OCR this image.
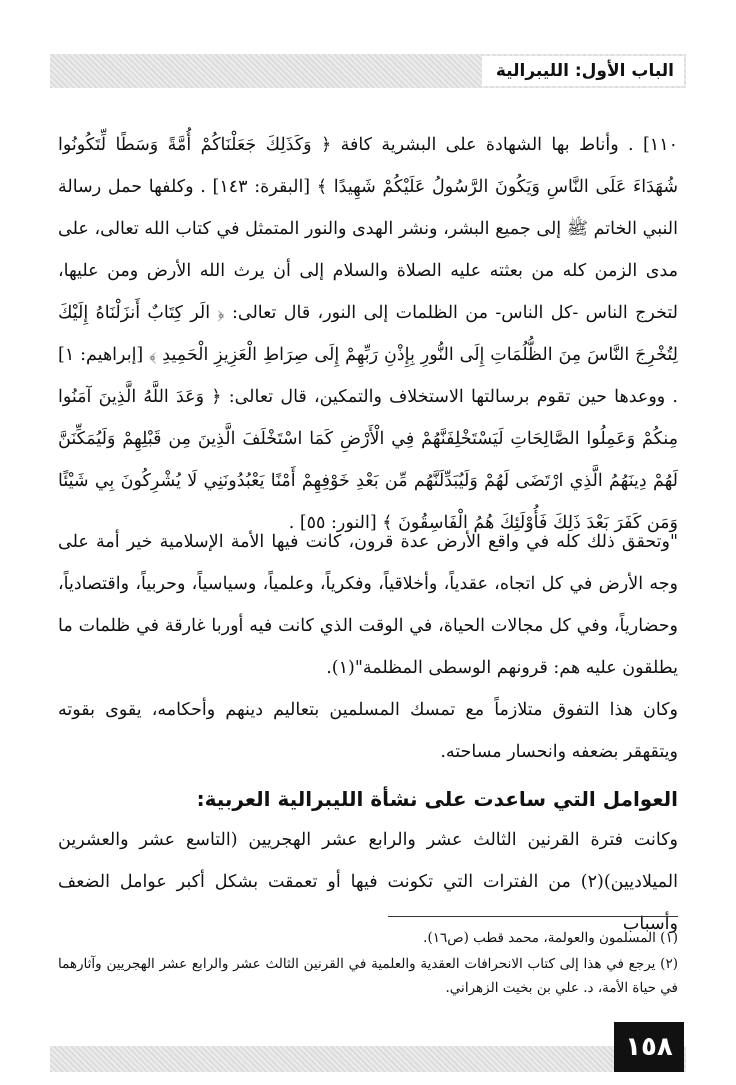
الباب الأول: الليبرالية

١١٠] . وأناط بها الشهادة على البشرية كافة ﴿ وَكَذَلِكَ جَعَلْنَاكُمْ أُمَّةً وَسَطًا لِّتَكُونُوا شُهَدَاءَ عَلَى النَّاسِ وَيَكُونَ الرَّسُولُ عَلَيْكُمْ شَهِيدًا ﴾ [البقرة: ١٤٣] . وكلفها حمل رسالة النبي الخاتم ﷺ إلى جميع البشر، ونشر الهدى والنور المتمثل في كتاب الله تعالى، على مدى الزمن كله من بعثته عليه الصلاة والسلام إلى أن يرث الله الأرض ومن عليها، لتخرج الناس -كل الناس- من الظلمات إلى النور، قال تعالى: ﴿ الَر كِتَابٌ أَنزَلْنَاهُ إِلَيْكَ لِتُخْرِجَ النَّاسَ مِنَ الظُّلُمَاتِ إِلَى النُّورِ بِإِذْنِ رَبِّهِمْ إِلَى صِرَاطِ الْعَزِيزِ الْحَمِيدِ ﴾ [إبراهيم: ١] . ووعدها حين تقوم برسالتها الاستخلاف والتمكين، قال تعالى: ﴿ وَعَدَ اللَّهُ الَّذِينَ آمَنُوا مِنكُمْ وَعَمِلُوا الصَّالِحَاتِ لَيَسْتَخْلِفَنَّهُمْ فِي الْأَرْضِ كَمَا اسْتَخْلَفَ الَّذِينَ مِن قَبْلِهِمْ وَلَيُمَكِّنَنَّ لَهُمْ دِينَهُمُ الَّذِي ارْتَضَى لَهُمْ وَلَيُبَدِّلَنَّهُم مِّن بَعْدِ خَوْفِهِمْ أَمْنًا يَعْبُدُونَنِي لَا يُشْرِكُونَ بِي شَيْئًا وَمَن كَفَرَ بَعْدَ ذَلِكَ فَأُوْلَئِكَ هُمُ الْفَاسِقُونَ ﴾ [النور: ٥٥] .

"وتحقق ذلك كله في واقع الأرض عدة قرون، كانت فيها الأمة الإسلامية خير أمة على وجه الأرض في كل اتجاه، عقدياً، وأخلاقياً، وفكرياً، وعلمياً، وسياسياً، وحربياً، واقتصادياً، وحضارياً، وفي كل مجالات الحياة، في الوقت الذي كانت فيه أوربا غارقة في ظلمات ما يطلقون عليه هم: قرونهم الوسطى المظلمة"(١).

وكان هذا التفوق متلازماً مع تمسك المسلمين بتعاليم دينهم وأحكامه، يقوى بقوته ويتقهقر بضعفه وانحسار مساحته.

العوامل التي ساعدت على نشأة الليبرالية العربية:

وكانت فترة القرنين الثالث عشر والرابع عشر الهجريين (التاسع عشر والعشرين الميلاديين)(٢) من الفترات التي تكونت فيها أو تعمقت بشكل أكبر عوامل الضعف وأسباب

(١) المسلمون والعولمة، محمد قطب (ص١٦).

(٢) يرجع في هذا إلى كتاب الانحرافات العقدية والعلمية في القرنين الثالث عشر والرابع عشر الهجريين وآثارهما في حياة الأمة، د. علي بن بخيت الزهراني.

١٥٨
